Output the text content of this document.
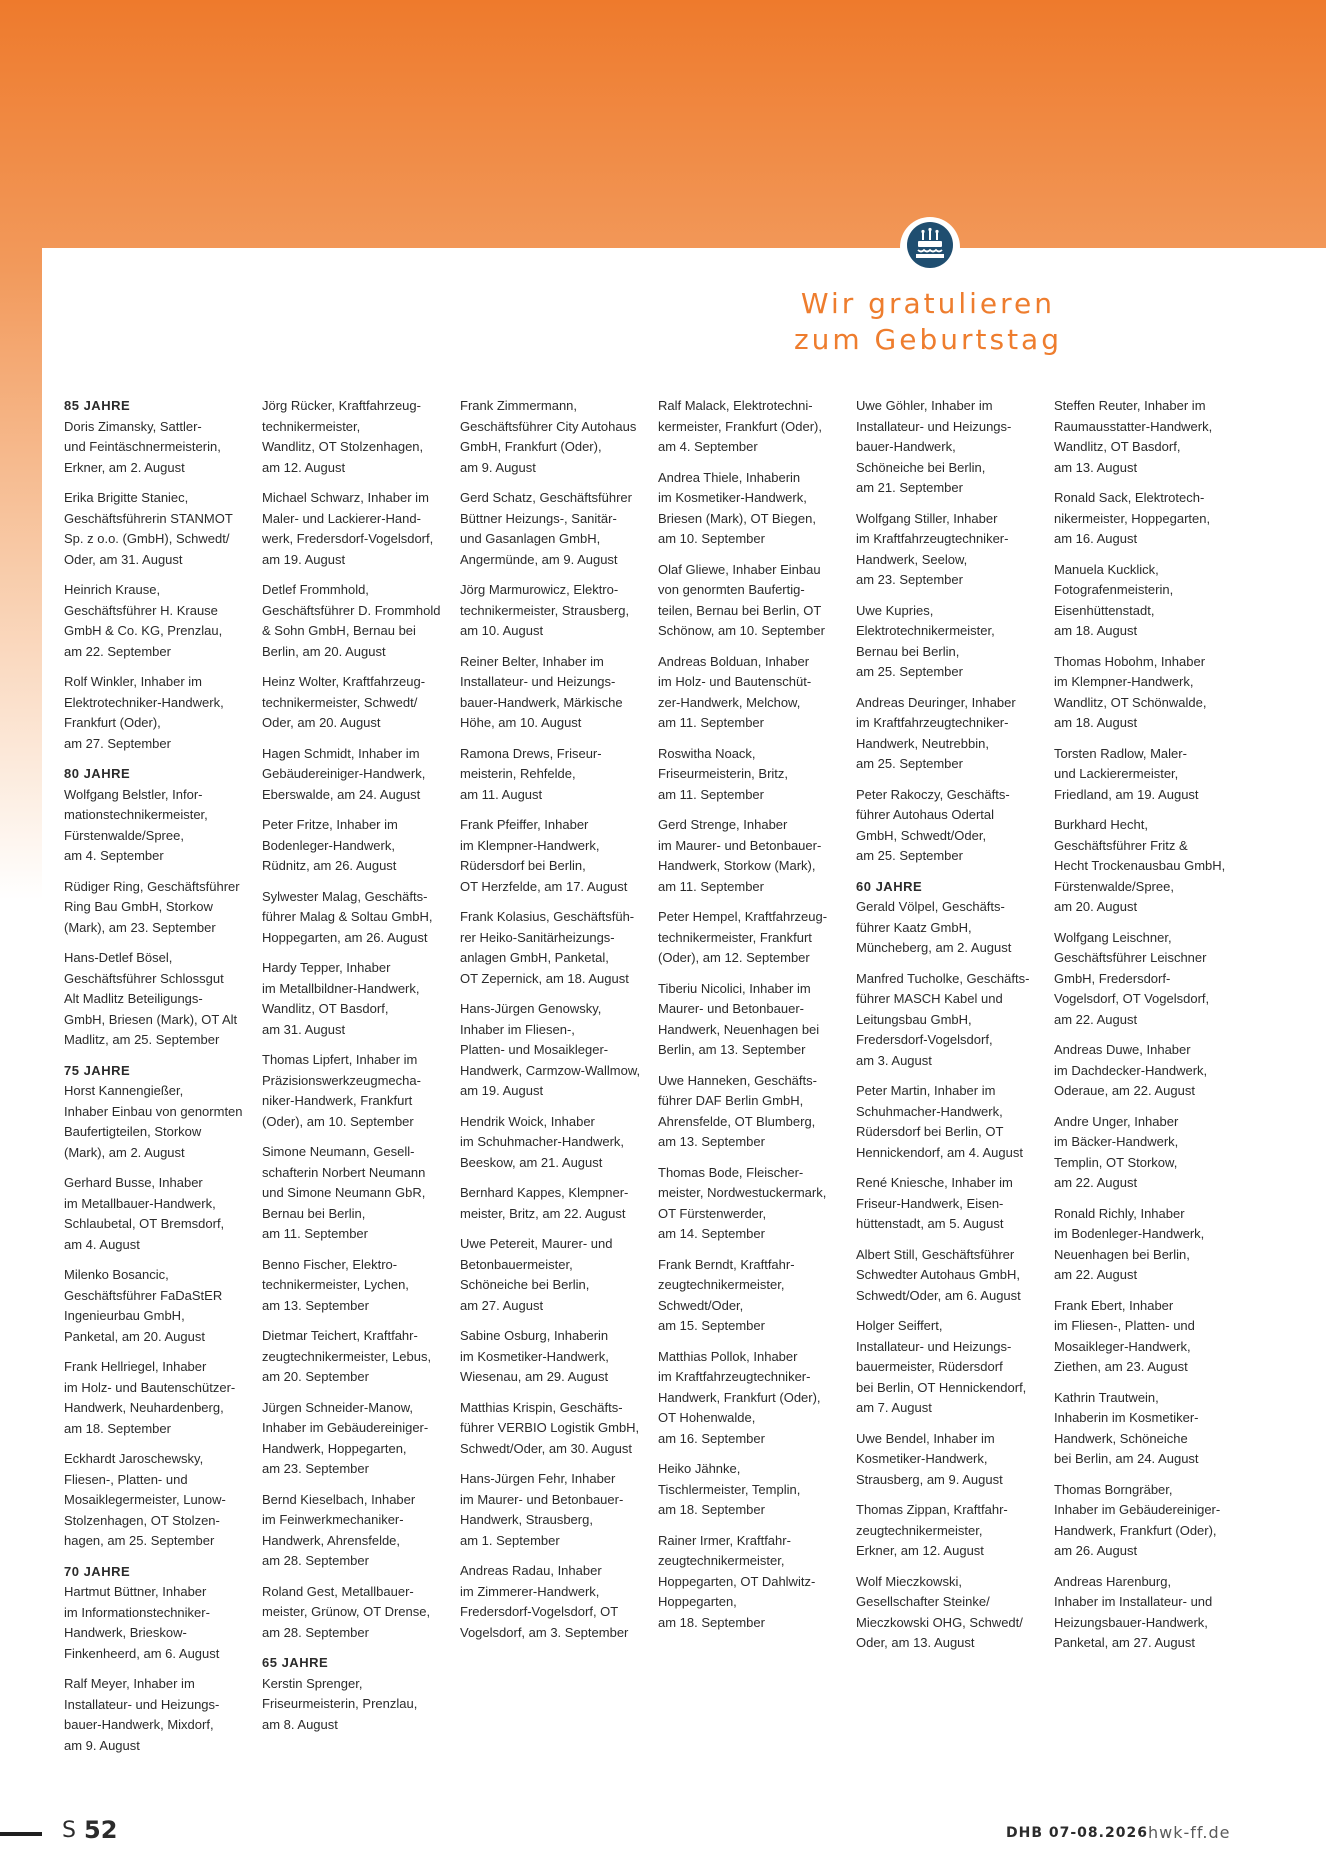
Wir gratulieren
zum Geburtstag
85 JAHRE
Doris Zimansky, Sattler-
und Feintäschnermeisterin,
Erkner, am 2. August
Erika Brigitte Staniec,
Geschäftsführerin STANMOT
Sp. z o.o. (GmbH), Schwedt/
Oder, am 31. August
Heinrich Krause,
Geschäftsführer H. Krause
GmbH & Co. KG, Prenzlau,
am 22. September
Rolf Winkler, Inhaber im
Elektrotechniker-Handwerk,
Frankfurt (Oder),
am 27. September
80 JAHRE
Wolfgang Belstler, Infor-
mationstechnikermeister,
Fürstenwalde/Spree,
am 4. September
Rüdiger Ring, Geschäftsführer
Ring Bau GmbH, Storkow
(Mark), am 23. September
Hans-Detlef Bösel,
Geschäftsführer Schlossgut
Alt Madlitz Beteiligungs-
GmbH, Briesen (Mark), OT Alt
Madlitz, am 25. September
75 JAHRE
Horst Kannengießer,
Inhaber Einbau von genormten
Baufertigteilen, Storkow
(Mark), am 2. August
Gerhard Busse, Inhaber
im Metallbauer-Handwerk,
Schlaubetal, OT Bremsdorf,
am 4. August
Milenko Bosancic,
Geschäftsführer FaDaStER
Ingenieurbau GmbH,
Panketal, am 20. August
Frank Hellriegel, Inhaber
im Holz- und Bautenschützer-
Handwerk, Neuhardenberg,
am 18. September
Eckhardt Jaroschewsky,
Fliesen-, Platten- und
Mosaiklegermeister, Lunow-
Stolzenhagen, OT Stolzen-
hagen, am 25. September
70 JAHRE
Hartmut Büttner, Inhaber
im Informationstechniker-
Handwerk, Brieskow-
Finkenheerd, am 6. August
Ralf Meyer, Inhaber im
Installateur- und Heizungs-
bauer-Handwerk, Mixdorf,
am 9. August
Jörg Rücker, Kraftfahrzeug-
technikermeister,
Wandlitz, OT Stolzenhagen,
am 12. August
Michael Schwarz, Inhaber im
Maler- und Lackierer-Hand-
werk, Fredersdorf-Vogelsdorf,
am 19. August
Detlef Frommhold,
Geschäftsführer D. Frommhold
& Sohn GmbH, Bernau bei
Berlin, am 20. August
Heinz Wolter, Kraftfahrzeug-
technikermeister, Schwedt/
Oder, am 20. August
Hagen Schmidt, Inhaber im
Gebäudereiniger-Handwerk,
Eberswalde, am 24. August
Peter Fritze, Inhaber im
Bodenleger-Handwerk,
Rüdnitz, am 26. August
Sylwester Malag, Geschäfts-
führer Malag & Soltau GmbH,
Hoppegarten, am 26. August
Hardy Tepper, Inhaber
im Metallbildner-Handwerk,
Wandlitz, OT Basdorf,
am 31. August
Thomas Lipfert, Inhaber im
Präzisionswerkzeugmecha-
niker-Handwerk, Frankfurt
(Oder), am 10. September
Simone Neumann, Gesell-
schafterin Norbert Neumann
und Simone Neumann GbR,
Bernau bei Berlin,
am 11. September
Benno Fischer, Elektro-
technikermeister, Lychen,
am 13. September
Dietmar Teichert, Kraftfahr-
zeugtechnikermeister, Lebus,
am 20. September
Jürgen Schneider-Manow,
Inhaber im Gebäudereiniger-
Handwerk, Hoppegarten,
am 23. September
Bernd Kieselbach, Inhaber
im Feinwerkmechaniker-
Handwerk, Ahrensfelde,
am 28. September
Roland Gest, Metallbauer-
meister, Grünow, OT Drense,
am 28. September
65 JAHRE
Kerstin Sprenger,
Friseurmeisterin, Prenzlau,
am 8. August
Frank Zimmermann,
Geschäftsführer City Autohaus
GmbH, Frankfurt (Oder),
am 9. August
Gerd Schatz, Geschäftsführer
Büttner Heizungs-, Sanitär-
und Gasanlagen GmbH,
Angermünde, am 9. August
Jörg Marmurowicz, Elektro-
technikermeister, Strausberg,
am 10. August
Reiner Belter, Inhaber im
Installateur- und Heizungs-
bauer-Handwerk, Märkische
Höhe, am 10. August
Ramona Drews, Friseur-
meisterin, Rehfelde,
am 11. August
Frank Pfeiffer, Inhaber
im Klempner-Handwerk,
Rüdersdorf bei Berlin,
OT Herzfelde, am 17. August
Frank Kolasius, Geschäftsfüh-
rer Heiko-Sanitärheizungs-
anlagen GmbH, Panketal,
OT Zepernick, am 18. August
Hans-Jürgen Genowsky,
Inhaber im Fliesen-,
Platten- und Mosaikleger-
Handwerk, Carmzow-Wallmow,
am 19. August
Hendrik Woick, Inhaber
im Schuhmacher-Handwerk,
Beeskow, am 21. August
Bernhard Kappes, Klempner-
meister, Britz, am 22. August
Uwe Petereit, Maurer- und
Betonbauermeister,
Schöneiche bei Berlin,
am 27. August
Sabine Osburg, Inhaberin
im Kosmetiker-Handwerk,
Wiesenau, am 29. August
Matthias Krispin, Geschäfts-
führer VERBIO Logistik GmbH,
Schwedt/Oder, am 30. August
Hans-Jürgen Fehr, Inhaber
im Maurer- und Betonbauer-
Handwerk, Strausberg,
am 1. September
Andreas Radau, Inhaber
im Zimmerer-Handwerk,
Fredersdorf-Vogelsdorf, OT
Vogelsdorf, am 3. September
Ralf Malack, Elektrotechni-
kermeister, Frankfurt (Oder),
am 4. September
Andrea Thiele, Inhaberin
im Kosmetiker-Handwerk,
Briesen (Mark), OT Biegen,
am 10. September
Olaf Gliewe, Inhaber Einbau
von genormten Baufertig-
teilen, Bernau bei Berlin, OT
Schönow, am 10. September
Andreas Bolduan, Inhaber
im Holz- und Bautenschüt-
zer-Handwerk, Melchow,
am 11. September
Roswitha Noack,
Friseurmeisterin, Britz,
am 11. September
Gerd Strenge, Inhaber
im Maurer- und Betonbauer-
Handwerk, Storkow (Mark),
am 11. September
Peter Hempel, Kraftfahrzeug-
technikermeister, Frankfurt
(Oder), am 12. September
Tiberiu Nicolici, Inhaber im
Maurer- und Betonbauer-
Handwerk, Neuenhagen bei
Berlin, am 13. September
Uwe Hanneken, Geschäfts-
führer DAF Berlin GmbH,
Ahrensfelde, OT Blumberg,
am 13. September
Thomas Bode, Fleischer-
meister, Nordwestuckermark,
OT Fürstenwerder,
am 14. September
Frank Berndt, Kraftfahr-
zeugtechnikermeister,
Schwedt/Oder,
am 15. September
Matthias Pollok, Inhaber
im Kraftfahrzeugtechniker-
Handwerk, Frankfurt (Oder),
OT Hohenwalde,
am 16. September
Heiko Jähnke,
Tischlermeister, Templin,
am 18. September
Rainer Irmer, Kraftfahr-
zeugtechnikermeister,
Hoppegarten, OT Dahlwitz-
Hoppegarten,
am 18. September
Uwe Göhler, Inhaber im
Installateur- und Heizungs-
bauer-Handwerk,
Schöneiche bei Berlin,
am 21. September
Wolfgang Stiller, Inhaber
im Kraftfahrzeugtechniker-
Handwerk, Seelow,
am 23. September
Uwe Kupries,
Elektrotechnikermeister,
Bernau bei Berlin,
am 25. September
Andreas Deuringer, Inhaber
im Kraftfahrzeugtechniker-
Handwerk, Neutrebbin,
am 25. September
Peter Rakoczy, Geschäfts-
führer Autohaus Odertal
GmbH, Schwedt/Oder,
am 25. September
60 JAHRE
Gerald Völpel, Geschäfts-
führer Kaatz GmbH,
Müncheberg, am 2. August
Manfred Tucholke, Geschäfts-
führer MASCH Kabel und
Leitungsbau GmbH,
Fredersdorf-Vogelsdorf,
am 3. August
Peter Martin, Inhaber im
Schuhmacher-Handwerk,
Rüdersdorf bei Berlin, OT
Hennickendorf, am 4. August
René Kniesche, Inhaber im
Friseur-Handwerk, Eisen-
hüttenstadt, am 5. August
Albert Still, Geschäftsführer
Schwedter Autohaus GmbH,
Schwedt/Oder, am 6. August
Holger Seiffert,
Installateur- und Heizungs-
bauermeister, Rüdersdorf
bei Berlin, OT Hennickendorf,
am 7. August
Uwe Bendel, Inhaber im
Kosmetiker-Handwerk,
Strausberg, am 9. August
Thomas Zippan, Kraftfahr-
zeugtechnikermeister,
Erkner, am 12. August
Wolf Mieczkowski,
Gesellschafter Steinke/
Mieczkowski OHG, Schwedt/
Oder, am 13. August
Steffen Reuter, Inhaber im
Raumausstatter-Handwerk,
Wandlitz, OT Basdorf,
am 13. August
Ronald Sack, Elektrotech-
nikermeister, Hoppegarten,
am 16. August
Manuela Kucklick,
Fotografenmeisterin,
Eisenhüttenstadt,
am 18. August
Thomas Hobohm, Inhaber
im Klempner-Handwerk,
Wandlitz, OT Schönwalde,
am 18. August
Torsten Radlow, Maler-
und Lackierermeister,
Friedland, am 19. August
Burkhard Hecht,
Geschäftsführer Fritz &
Hecht Trockenausbau GmbH,
Fürstenwalde/Spree,
am 20. August
Wolfgang Leischner,
Geschäftsführer Leischner
GmbH, Fredersdorf-
Vogelsdorf, OT Vogelsdorf,
am 22. August
Andreas Duwe, Inhaber
im Dachdecker-Handwerk,
Oderaue, am 22. August
Andre Unger, Inhaber
im Bäcker-Handwerk,
Templin, OT Storkow,
am 22. August
Ronald Richly, Inhaber
im Bodenleger-Handwerk,
Neuenhagen bei Berlin,
am 22. August
Frank Ebert, Inhaber
im Fliesen-, Platten- und
Mosaikleger-Handwerk,
Ziethen, am 23. August
Kathrin Trautwein,
Inhaberin im Kosmetiker-
Handwerk, Schöneiche
bei Berlin, am 24. August
Thomas Borngräber,
Inhaber im Gebäudereiniger-
Handwerk, Frankfurt (Oder),
am 26. August
Andreas Harenburg,
Inhaber im Installateur- und
Heizungsbauer-Handwerk,
Panketal, am 27. August
S 52	DHB 07-08.2026 hwk-ff.de
